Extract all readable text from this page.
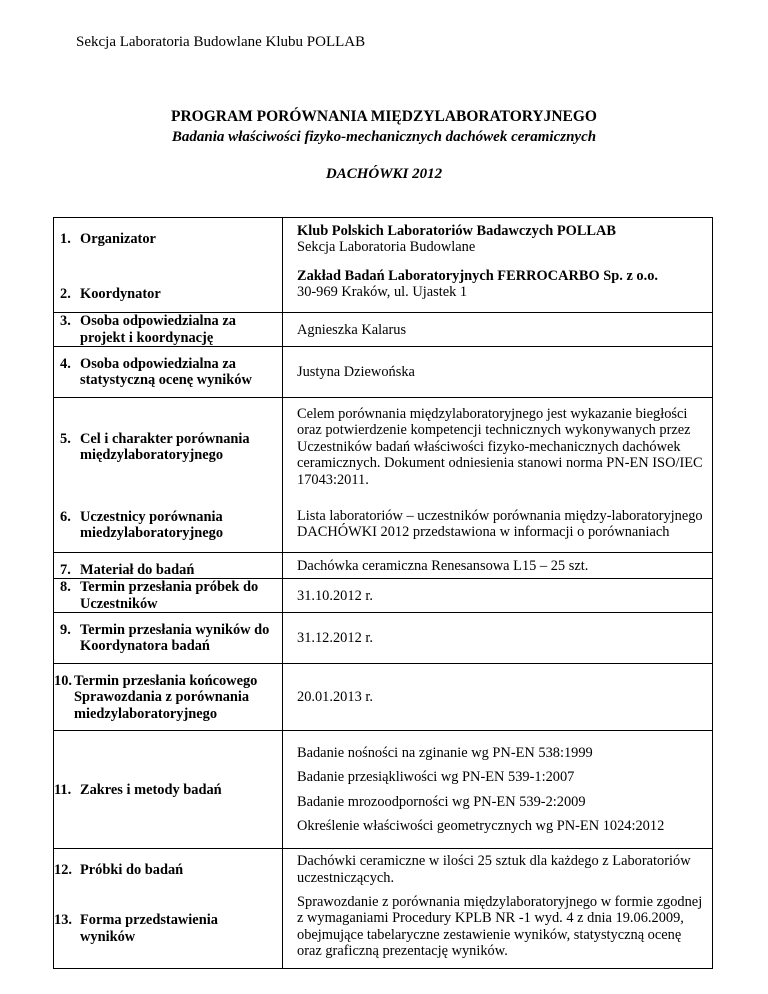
Sekcja Laboratoria Budowlane Klubu POLLAB
PROGRAM PORÓWNANIA MIĘDZYLABORATORYJNEGO
Badania właściwości fizyko-mechanicznych dachówek ceramicznych
DACHÓWKI 2012
1. Organizator	Klub Polskich Laboratoriów Badawczych POLLAB
Sekcja Laboratoria Budowlane

2. Koordynator	Zakład Badań Laboratoryjnych FERROCARBO Sp. z o.o.
30-969 Kraków, ul. Ujastek 1

3. Osoba odpowiedzialna za projekt i koordynację	Agnieszka Kalarus
4. Osoba odpowiedzialna za statystyczną ocenę wyników	Justyna Dziewońska
5. Cel i charakter porównania międzylaboratoryjnego	Celem porównania międzylaboratoryjnego jest wykazanie biegłości oraz potwierdzenie kompetencji technicznych wykonywanych przez Uczestników badań właściwości fizyko-mechanicznych dachówek ceramicznych. Dokument odniesienia stanowi norma PN-EN ISO/IEC 17043:2011.
6. Uczestnicy porównania miedzylaboratoryjnego	Lista laboratoriów – uczestników porównania między-laboratoryjnego DACHÓWKI 2012 przedstawiona w informacji o porównaniach
7. Materiał do badań	Dachówka ceramiczna Renesansowa L15 – 25 szt.
8. Termin przesłania próbek do Uczestników	31.10.2012 r.
9. Termin przesłania wyników do Koordynatora badań	31.12.2012 r.
10. Termin przesłania końcowego Sprawozdania z porównania miedzylaboratoryjnego	20.01.2013 r.
11. Zakres i metody badań	Badanie nośności na zginanie wg PN-EN 538:1999
Badanie przesiąkliwości wg PN-EN 539-1:2007
Badanie mrozoodporności wg PN-EN 539-2:2009
Określenie właściwości geometrycznych wg PN-EN 1024:2012

12. Próbki do badań	Dachówki ceramiczne w ilości 25 sztuk dla każdego z Laboratoriów uczestniczących.
13. Forma przedstawienia wyników	Sprawozdanie z porównania międzylaboratoryjnego w formie zgodnej z wymaganiami Procedury KPLB NR -1 wyd. 4 z dnia 19.06.2009, obejmujące tabelaryczne zestawienie wyników, statystyczną ocenę oraz graficzną prezentację wyników.
